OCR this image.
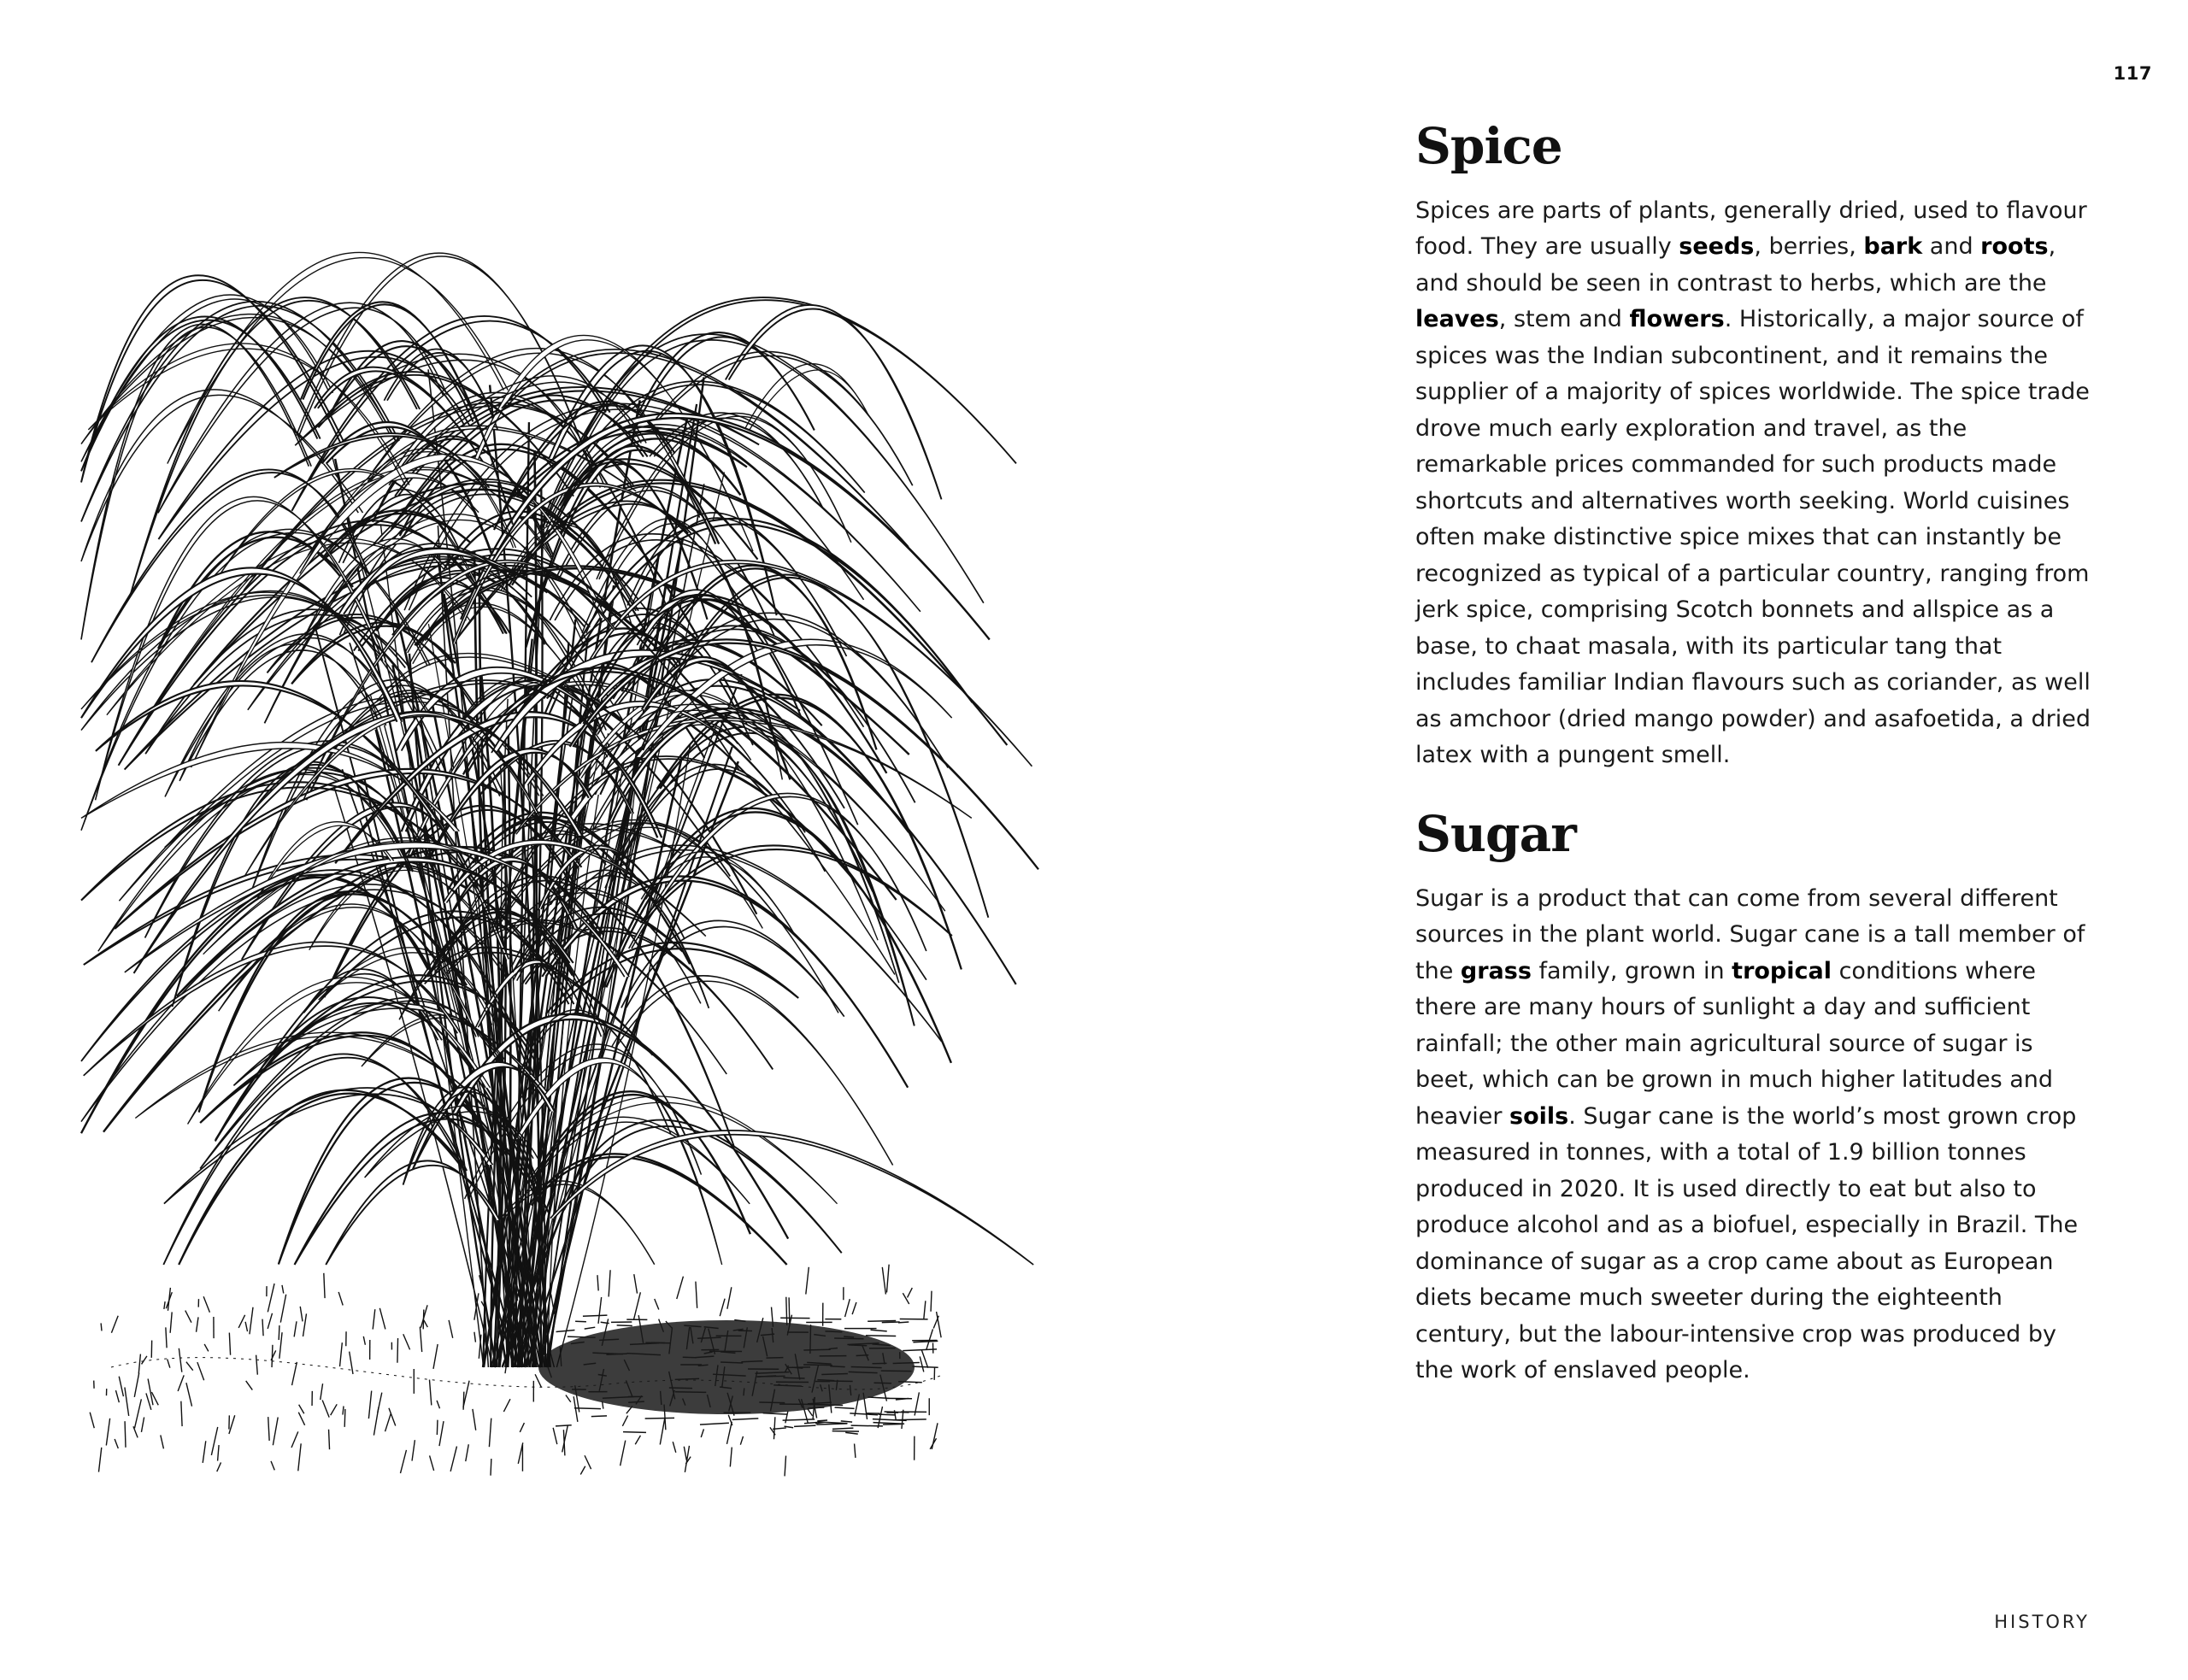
117
Spice

Spices are parts of plants, generally dried, used to flavour food. They are usually seeds, berries, bark and roots, and should be seen in contrast to herbs, which are the leaves, stem and flowers. Historically, a major source of spices was the Indian subcontinent, and it remains the supplier of a majority of spices worldwide. The spice trade drove much early exploration and travel, as the remarkable prices commanded for such products made shortcuts and alternatives worth seeking. World cuisines often make distinctive spice mixes that can instantly be recognized as typical of a particular country, ranging from jerk spice, comprising Scotch bonnets and allspice as a base, to chaat masala, with its particular tang that includes familiar Indian flavours such as coriander, as well as amchoor (dried mango powder) and asafoetida, a dried latex with a pungent smell.

Sugar

Sugar is a product that can come from several different sources in the plant world. Sugar cane is a tall member of the grass family, grown in tropical conditions where there are many hours of sunlight a day and sufficient rainfall; the other main agricultural source of sugar is beet, which can be grown in much higher latitudes and heavier soils. Sugar cane is the world’s most grown crop measured in tonnes, with a total of 1.9 billion tonnes produced in 2020. It is used directly to eat but also to produce alcohol and as a biofuel, especially in Brazil. The dominance of sugar as a crop came about as European diets became much sweeter during the eighteenth century, but the labour-intensive crop was produced by the work of enslaved people.

HISTORY
